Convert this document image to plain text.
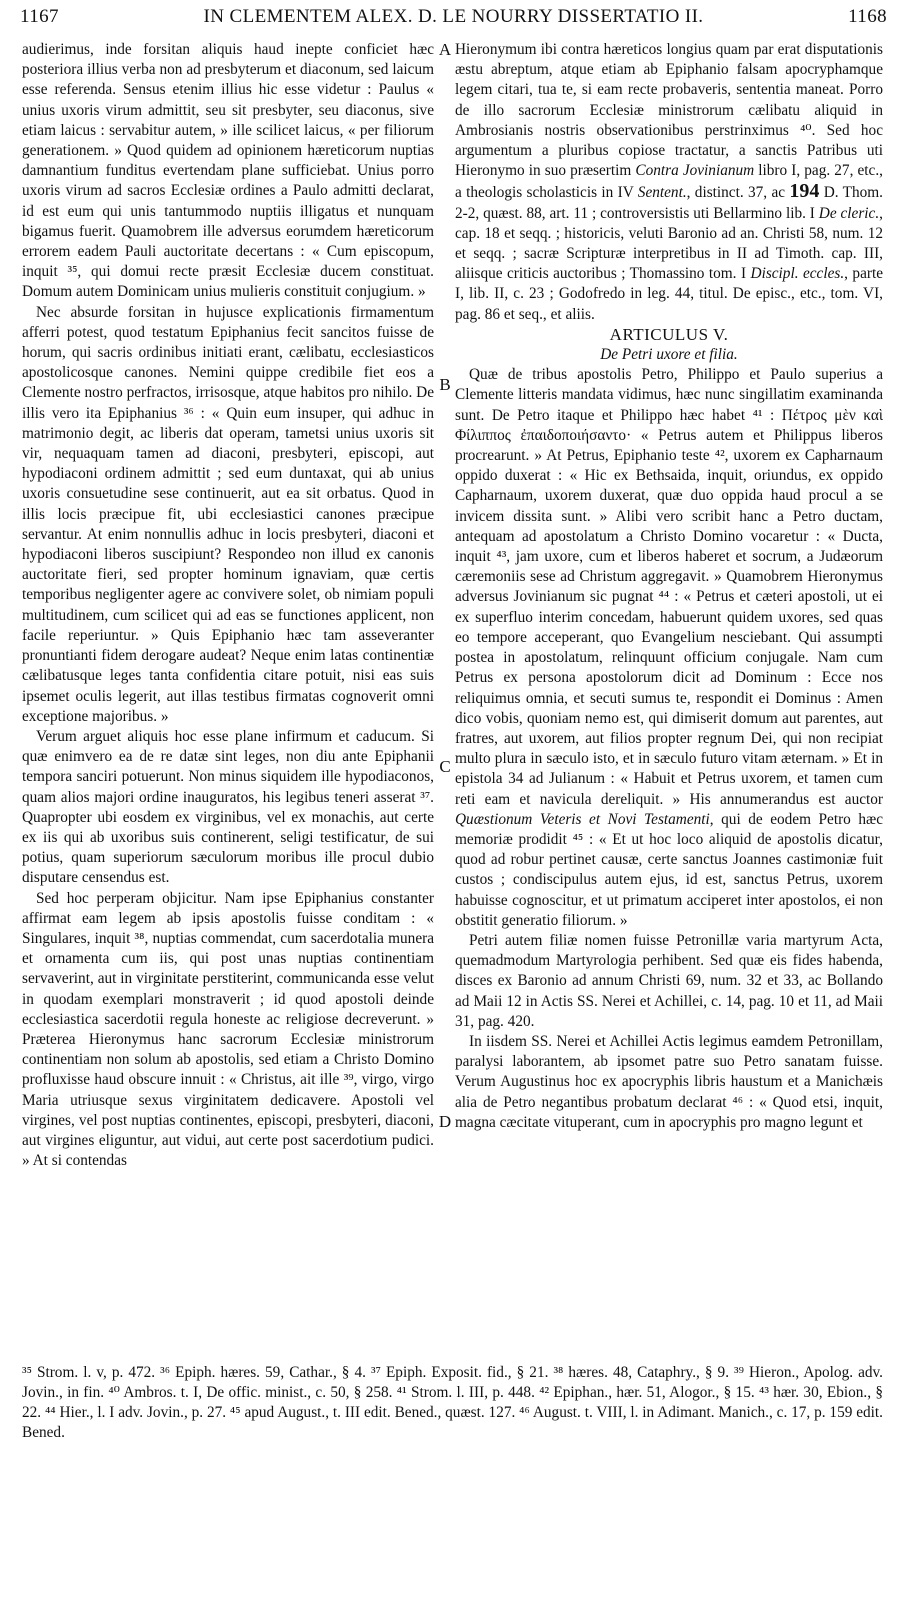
1167	IN CLEMENTEM ALEX. D. LE NOURRY DISSERTATIO II.	1168
A
B
C
D

audierimus, inde forsitan aliquis haud inepte conficiet hæc posteriora illius verba non ad presbyterum et diaconum, sed laicum esse referenda. Sensus etenim illius hic esse videtur : Paulus « unius uxoris virum admittit, seu sit presbyter, seu diaconus, sive etiam laicus : servabitur autem, » ille scilicet laicus, « per filiorum generationem. » Quod quidem ad opinionem hæreticorum nuptias damnantium funditus evertendam plane sufficiebat. Unius porro uxoris virum ad sacros Ecclesiæ ordines a Paulo admitti declarat, id est eum qui unis tantummodo nuptiis illigatus et nunquam bigamus fuerit. Quamobrem ille adversus eorumdem hæreticorum errorem eadem Pauli auctoritate decertans : « Cum episcopum, inquit ³⁵, qui domui recte præsit Ecclesiæ ducem constituat. Domum autem Dominicam unius mulieris constituit conjugium. »

Nec absurde forsitan in hujusce explicationis firmamentum afferri potest, quod testatum Epiphanius fecit sancitos fuisse de horum, qui sacris ordinibus initiati erant, cælibatu, ecclesiasticos apostolicosque canones. Nemini quippe credibile fiet eos a Clemente nostro perfractos, irrisosque, atque habitos pro nihilo. De illis vero ita Epiphanius ³⁶ : « Quin eum insuper, qui adhuc in matrimonio degit, ac liberis dat operam, tametsi unius uxoris sit vir, nequaquam tamen ad diaconi, presbyteri, episcopi, aut hypodiaconi ordinem admittit ; sed eum duntaxat, qui ab unius uxoris consuetudine sese continuerit, aut ea sit orbatus. Quod in illis locis præcipue fit, ubi ecclesiastici canones præcipue servantur. At enim nonnullis adhuc in locis presbyteri, diaconi et hypodiaconi liberos suscipiunt? Respondeo non illud ex canonis auctoritate fieri, sed propter hominum ignaviam, quæ certis temporibus negligenter agere ac convivere solet, ob nimiam populi multitudinem, cum scilicet qui ad eas se functiones applicent, non facile reperiuntur. » Quis Epiphanio hæc tam asseveranter pronuntianti fidem derogare audeat? Neque enim latas continentiæ cælibatusque leges tanta confidentia citare potuit, nisi eas suis ipsemet oculis legerit, aut illas testibus firmatas cognoverit omni exceptione majoribus. »

Verum arguet aliquis hoc esse plane infirmum et caducum. Si quæ enimvero ea de re datæ sint leges, non diu ante Epiphanii tempora sanciri potuerunt. Non minus siquidem ille hypodiaconos, quam alios majori ordine inauguratos, his legibus teneri asserat ³⁷. Quapropter ubi eosdem ex virginibus, vel ex monachis, aut certe ex iis qui ab uxoribus suis continerent, seligi testificatur, de sui potius, quam superiorum sæculorum moribus ille procul dubio disputare censendus est.

Sed hoc perperam objicitur. Nam ipse Epiphanius constanter affirmat eam legem ab ipsis apostolis fuisse conditam : « Singulares, inquit ³⁸, nuptias commendat, cum sacerdotalia munera et ornamenta cum iis, qui post unas nuptias continentiam servaverint, aut in virginitate perstiterint, communicanda esse velut in quodam exemplari monstraverit ; id quod apostoli deinde ecclesiastica sacerdotii regula honeste ac religiose decreverunt. » Præterea Hieronymus hanc sacrorum Ecclesiæ ministrorum continentiam non solum ab apostolis, sed etiam a Christo Domino profluxisse haud obscure innuit : « Christus, ait ille ³⁹, virgo, virgo Maria utriusque sexus virginitatem dedicavere. Apostoli vel virgines, vel post nuptias continentes, episcopi, presbyteri, diaconi, aut virgines eliguntur, aut vidui, aut certe post sacerdotium pudici. » At si contendas

Hieronymum ibi contra hæreticos longius quam par erat disputationis æstu abreptum, atque etiam ab Epiphanio falsam apocryphamque legem citari, tua te, si eam recte probaveris, sententia maneat. Porro de illo sacrorum Ecclesiæ ministrorum cælibatu aliquid in Ambrosianis nostris observationibus perstrinximus ⁴⁰. Sed hoc argumentum a pluribus copiose tractatur, a sanctis Patribus uti Hieronymo in suo præsertim Contra Jovinianum libro I, pag. 27, etc., a theologis scholasticis in IV Sentent., distinct. 37, ac 194 D. Thom. 2-2, quæst. 88, art. 11 ; controversistis uti Bellarmino lib. I De cleric., cap. 18 et seqq. ; historicis, veluti Baronio ad an. Christi 58, num. 12 et seqq. ; sacræ Scripturæ interpretibus in II ad Timoth. cap. III, aliisque criticis auctoribus ; Thomassino tom. I Discipl. eccles., parte I, lib. II, c. 23 ; Godofredo in leg. 44, titul. De episc., etc., tom. VI, pag. 86 et seq., et aliis.

ARTICULUS V.

De Petri uxore et filia.

Quæ de tribus apostolis Petro, Philippo et Paulo superius a Clemente litteris mandata vidimus, hæc nunc singillatim examinanda sunt. De Petro itaque et Philippo hæc habet ⁴¹ : Πέτρος μὲν καὶ Φίλιππος ἐπαιδοποιήσαντο· « Petrus autem et Philippus liberos procrearunt. » At Petrus, Epiphanio teste ⁴², uxorem ex Capharnaum oppido duxerat : « Hic ex Bethsaida, inquit, oriundus, ex oppido Capharnaum, uxorem duxerat, quæ duo oppida haud procul a se invicem dissita sunt. » Alibi vero scribit hanc a Petro ductam, antequam ad apostolatum a Christo Domino vocaretur : « Ducta, inquit ⁴³, jam uxore, cum et liberos haberet et socrum, a Judæorum cæremoniis sese ad Christum aggregavit. » Quamobrem Hieronymus adversus Jovinianum sic pugnat ⁴⁴ : « Petrus et cæteri apostoli, ut ei ex superfluo interim concedam, habuerunt quidem uxores, sed quas eo tempore acceperant, quo Evangelium nesciebant. Qui assumpti postea in apostolatum, relinquunt officium conjugale. Nam cum Petrus ex persona apostolorum dicit ad Dominum : Ecce nos reliquimus omnia, et secuti sumus te, respondit ei Dominus : Amen dico vobis, quoniam nemo est, qui dimiserit domum aut parentes, aut fratres, aut uxorem, aut filios propter regnum Dei, qui non recipiat multo plura in sæculo isto, et in sæculo futuro vitam æternam. » Et in epistola 34 ad Julianum : « Habuit et Petrus uxorem, et tamen cum reti eam et navicula dereliquit. » His annumerandus est auctor Quæstionum Veteris et Novi Testamenti, qui de eodem Petro hæc memoriæ prodidit ⁴⁵ : « Et ut hoc loco aliquid de apostolis dicatur, quod ad robur pertinet causæ, certe sanctus Joannes castimoniæ fuit custos ; condiscipulus autem ejus, id est, sanctus Petrus, uxorem habuisse cognoscitur, et ut primatum acciperet inter apostolos, ei non obstitit generatio filiorum. »

Petri autem filiæ nomen fuisse Petronillæ varia martyrum Acta, quemadmodum Martyrologia perhibent. Sed quæ eis fides habenda, disces ex Baronio ad annum Christi 69, num. 32 et 33, ac Bollando ad Maii 12 in Actis SS. Nerei et Achillei, c. 14, pag. 10 et 11, ad Maii 31, pag. 420.

In iisdem SS. Nerei et Achillei Actis legimus eamdem Petronillam, paralysi laborantem, ab ipsomet patre suo Petro sanatam fuisse. Verum Augustinus hoc ex apocryphis libris haustum et a Manichæis alia de Petro negantibus probatum declarat ⁴⁶ : « Quod etsi, inquit, magna cæcitate vituperant, cum in apocryphis pro magno legunt et

³⁵ Strom. l. v, p. 472. ³⁶ Epiph. hæres. 59, Cathar., § 4. ³⁷ Epiph. Exposit. fid., § 21. ³⁸ hæres. 48, Cataphry., § 9. ³⁹ Hieron., Apolog. adv. Jovin., in fin. ⁴⁰ Ambros. t. I, De offic. minist., c. 50, § 258. ⁴¹ Strom. l. III, p. 448. ⁴² Epiphan., hær. 51, Alogor., § 15. ⁴³ hær. 30, Ebion., § 22. ⁴⁴ Hier., l. I adv. Jovin., p. 27. ⁴⁵ apud August., t. III edit. Bened., quæst. 127. ⁴⁶ August. t. VIII, l. in Adimant. Manich., c. 17, p. 159 edit. Bened.
